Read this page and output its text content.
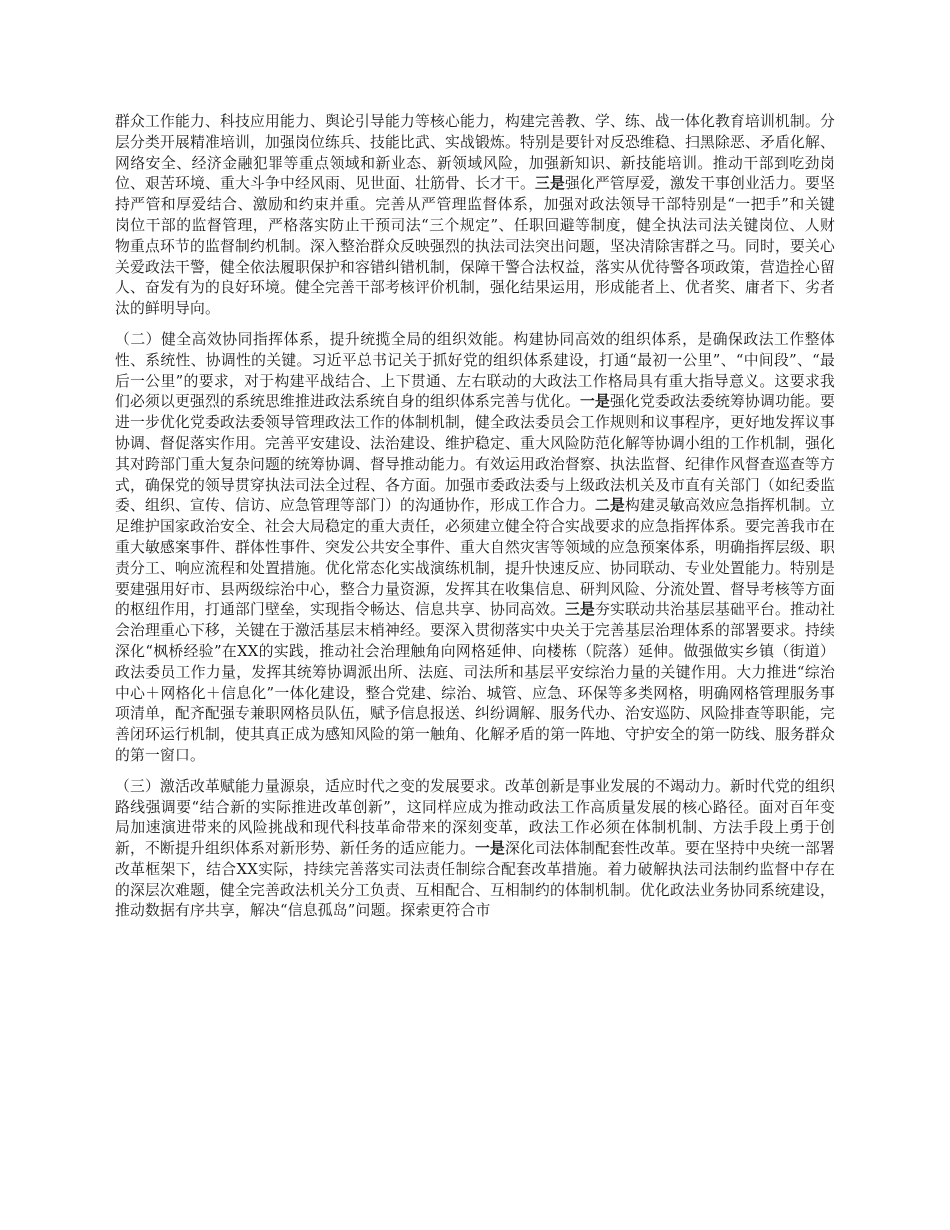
群众工作能力、科技应用能力、舆论引导能力等核心能力，构建完善教、学、练、战一体化教育培训机制。分层分类开展精准培训，加强岗位练兵、技能比武、实战锻炼。特别是要针对反恐维稳、扫黑除恶、矛盾化解、网络安全、经济金融犯罪等重点领域和新业态、新领域风险，加强新知识、新技能培训。推动干部到吃劲岗位、艰苦环境、重大斗争中经风雨、见世面、壮筋骨、长才干。三是强化严管厚爱，激发干事创业活力。要坚持严管和厚爱结合、激励和约束并重。完善从严管理监督体系，加强对政法领导干部特别是“一把手”和关键岗位干部的监督管理，严格落实防止干预司法“三个规定”、任职回避等制度，健全执法司法关键岗位、人财物重点环节的监督制约机制。深入整治群众反映强烈的执法司法突出问题，坚决清除害群之马。同时，要关心关爱政法干警，健全依法履职保护和容错纠错机制，保障干警合法权益，落实从优待警各项政策，营造拴心留人、奋发有为的良好环境。健全完善干部考核评价机制，强化结果运用，形成能者上、优者奖、庸者下、劣者汰的鲜明导向。

（二）健全高效协同指挥体系，提升统揽全局的组织效能。构建协同高效的组织体系，是确保政法工作整体性、系统性、协调性的关键。习近平总书记关于抓好党的组织体系建设，打通“最初一公里”、“中间段”、“最后一公里”的要求，对于构建平战结合、上下贯通、左右联动的大政法工作格局具有重大指导意义。这要求我们必须以更强烈的系统思维推进政法系统自身的组织体系完善与优化。一是强化党委政法委统筹协调功能。要进一步优化党委政法委领导管理政法工作的体制机制，健全政法委员会工作规则和议事程序，更好地发挥议事协调、督促落实作用。完善平安建设、法治建设、维护稳定、重大风险防范化解等协调小组的工作机制，强化其对跨部门重大复杂问题的统筹协调、督导推动能力。有效运用政治督察、执法监督、纪律作风督查巡查等方式，确保党的领导贯穿执法司法全过程、各方面。加强市委政法委与上级政法机关及市直有关部门（如纪委监委、组织、宣传、信访、应急管理等部门）的沟通协作，形成工作合力。二是构建灵敏高效应急指挥机制。立足维护国家政治安全、社会大局稳定的重大责任，必须建立健全符合实战要求的应急指挥体系。要完善我市在重大敏感案事件、群体性事件、突发公共安全事件、重大自然灾害等领域的应急预案体系，明确指挥层级、职责分工、响应流程和处置措施。优化常态化实战演练机制，提升快速反应、协同联动、专业处置能力。特别是要建强用好市、县两级综治中心，整合力量资源，发挥其在收集信息、研判风险、分流处置、督导考核等方面的枢纽作用，打通部门壁垒，实现指令畅达、信息共享、协同高效。三是夯实联动共治基层基础平台。推动社会治理重心下移，关键在于激活基层末梢神经。要深入贯彻落实中央关于完善基层治理体系的部署要求。持续深化“枫桥经验”在XX的实践，推动社会治理触角向网格延伸、向楼栋（院落）延伸。做强做实乡镇（街道）政法委员工作力量，发挥其统筹协调派出所、法庭、司法所和基层平安综治力量的关键作用。大力推进“综治中心＋网格化＋信息化”一体化建设，整合党建、综治、城管、应急、环保等多类网格，明确网格管理服务事项清单，配齐配强专兼职网格员队伍，赋予信息报送、纠纷调解、服务代办、治安巡防、风险排查等职能，完善闭环运行机制，使其真正成为感知风险的第一触角、化解矛盾的第一阵地、守护安全的第一防线、服务群众的第一窗口。

（三）激活改革赋能力量源泉，适应时代之变的发展要求。改革创新是事业发展的不竭动力。新时代党的组织路线强调要“结合新的实际推进改革创新”，这同样应成为推动政法工作高质量发展的核心路径。面对百年变局加速演进带来的风险挑战和现代科技革命带来的深刻变革，政法工作必须在体制机制、方法手段上勇于创新，不断提升组织体系对新形势、新任务的适应能力。一是深化司法体制配套性改革。要在坚持中央统一部署改革框架下，结合XX实际，持续完善落实司法责任制综合配套改革措施。着力破解执法司法制约监督中存在的深层次难题，健全完善政法机关分工负责、互相配合、互相制约的体制机制。优化政法业务协同系统建设，推动数据有序共享，解决“信息孤岛”问题。探索更符合市
